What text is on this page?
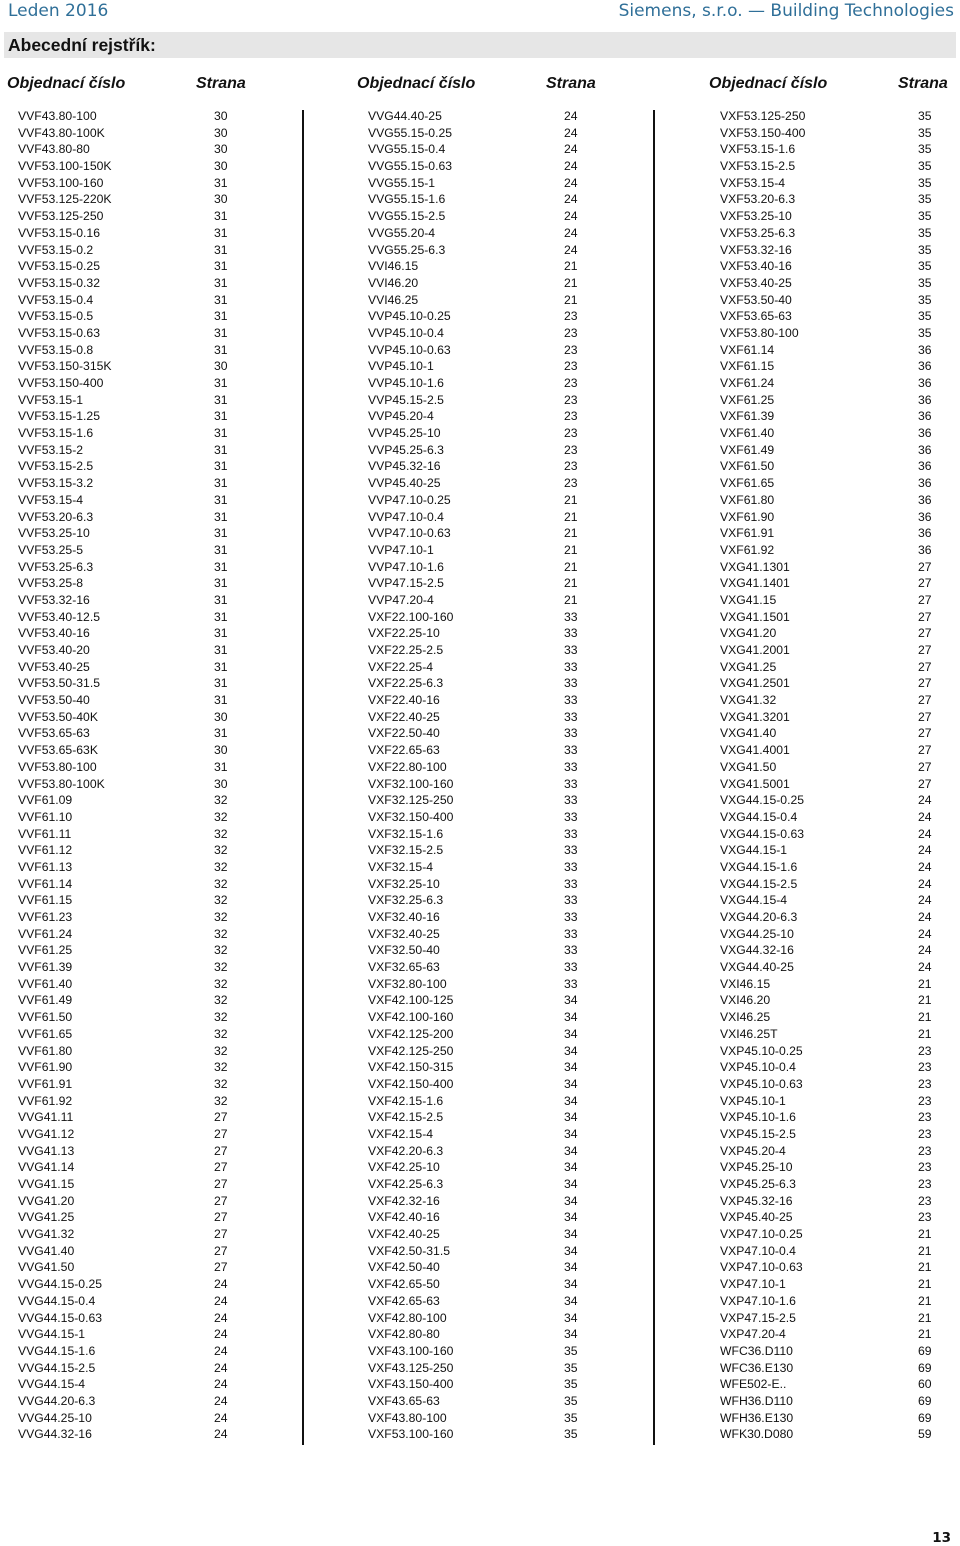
Leden 2016	Siemens, s.r.o. — Building Technologies
Abecední rejstřík:
Objednací číslo	Strana	Objednací číslo	Strana	Objednací číslo	Strana
VVF43.80-100	30
VVF43.80-100K	30
VVF43.80-80	30
VVF53.100-150K	30
VVF53.100-160	31
VVF53.125-220K	30
VVF53.125-250	31
VVF53.15-0.16	31
VVF53.15-0.2	31
VVF53.15-0.25	31
VVF53.15-0.32	31
VVF53.15-0.4	31
VVF53.15-0.5	31
VVF53.15-0.63	31
VVF53.15-0.8	31
VVF53.150-315K	30
VVF53.150-400	31
VVF53.15-1	31
VVF53.15-1.25	31
VVF53.15-1.6	31
VVF53.15-2	31
VVF53.15-2.5	31
VVF53.15-3.2	31
VVF53.15-4	31
VVF53.20-6.3	31
VVF53.25-10	31
VVF53.25-5	31
VVF53.25-6.3	31
VVF53.25-8	31
VVF53.32-16	31
VVF53.40-12.5	31
VVF53.40-16	31
VVF53.40-20	31
VVF53.40-25	31
VVF53.50-31.5	31
VVF53.50-40	31
VVF53.50-40K	30
VVF53.65-63	31
VVF53.65-63K	30
VVF53.80-100	31
VVF53.80-100K	30
VVF61.09	32
VVF61.10	32
VVF61.11	32
VVF61.12	32
VVF61.13	32
VVF61.14	32
VVF61.15	32
VVF61.23	32
VVF61.24	32
VVF61.25	32
VVF61.39	32
VVF61.40	32
VVF61.49	32
VVF61.50	32
VVF61.65	32
VVF61.80	32
VVF61.90	32
VVF61.91	32
VVF61.92	32
VVG41.11	27
VVG41.12	27
VVG41.13	27
VVG41.14	27
VVG41.15	27
VVG41.20	27
VVG41.25	27
VVG41.32	27
VVG41.40	27
VVG41.50	27
VVG44.15-0.25	24
VVG44.15-0.4	24
VVG44.15-0.63	24
VVG44.15-1	24
VVG44.15-1.6	24
VVG44.15-2.5	24
VVG44.15-4	24
VVG44.20-6.3	24
VVG44.25-10	24
VVG44.32-16	24
VVG44.40-25	24
VVG55.15-0.25	24
VVG55.15-0.4	24
VVG55.15-0.63	24
VVG55.15-1	24
VVG55.15-1.6	24
VVG55.15-2.5	24
VVG55.20-4	24
VVG55.25-6.3	24
VVI46.15	21
VVI46.20	21
VVI46.25	21
VVP45.10-0.25	23
VVP45.10-0.4	23
VVP45.10-0.63	23
VVP45.10-1	23
VVP45.10-1.6	23
VVP45.15-2.5	23
VVP45.20-4	23
VVP45.25-10	23
VVP45.25-6.3	23
VVP45.32-16	23
VVP45.40-25	23
VVP47.10-0.25	21
VVP47.10-0.4	21
VVP47.10-0.63	21
VVP47.10-1	21
VVP47.10-1.6	21
VVP47.15-2.5	21
VVP47.20-4	21
VXF22.100-160	33
VXF22.25-10	33
VXF22.25-2.5	33
VXF22.25-4	33
VXF22.25-6.3	33
VXF22.40-16	33
VXF22.40-25	33
VXF22.50-40	33
VXF22.65-63	33
VXF22.80-100	33
VXF32.100-160	33
VXF32.125-250	33
VXF32.150-400	33
VXF32.15-1.6	33
VXF32.15-2.5	33
VXF32.15-4	33
VXF32.25-10	33
VXF32.25-6.3	33
VXF32.40-16	33
VXF32.40-25	33
VXF32.50-40	33
VXF32.65-63	33
VXF32.80-100	33
VXF42.100-125	34
VXF42.100-160	34
VXF42.125-200	34
VXF42.125-250	34
VXF42.150-315	34
VXF42.150-400	34
VXF42.15-1.6	34
VXF42.15-2.5	34
VXF42.15-4	34
VXF42.20-6.3	34
VXF42.25-10	34
VXF42.25-6.3	34
VXF42.32-16	34
VXF42.40-16	34
VXF42.40-25	34
VXF42.50-31.5	34
VXF42.50-40	34
VXF42.65-50	34
VXF42.65-63	34
VXF42.80-100	34
VXF42.80-80	34
VXF43.100-160	35
VXF43.125-250	35
VXF43.150-400	35
VXF43.65-63	35
VXF43.80-100	35
VXF53.100-160	35
VXF53.125-250	35
VXF53.150-400	35
VXF53.15-1.6	35
VXF53.15-2.5	35
VXF53.15-4	35
VXF53.20-6.3	35
VXF53.25-10	35
VXF53.25-6.3	35
VXF53.32-16	35
VXF53.40-16	35
VXF53.40-25	35
VXF53.50-40	35
VXF53.65-63	35
VXF53.80-100	35
VXF61.14	36
VXF61.15	36
VXF61.24	36
VXF61.25	36
VXF61.39	36
VXF61.40	36
VXF61.49	36
VXF61.50	36
VXF61.65	36
VXF61.80	36
VXF61.90	36
VXF61.91	36
VXF61.92	36
VXG41.1301	27
VXG41.1401	27
VXG41.15	27
VXG41.1501	27
VXG41.20	27
VXG41.2001	27
VXG41.25	27
VXG41.2501	27
VXG41.32	27
VXG41.3201	27
VXG41.40	27
VXG41.4001	27
VXG41.50	27
VXG41.5001	27
VXG44.15-0.25	24
VXG44.15-0.4	24
VXG44.15-0.63	24
VXG44.15-1	24
VXG44.15-1.6	24
VXG44.15-2.5	24
VXG44.15-4	24
VXG44.20-6.3	24
VXG44.25-10	24
VXG44.32-16	24
VXG44.40-25	24
VXI46.15	21
VXI46.20	21
VXI46.25	21
VXI46.25T	21
VXP45.10-0.25	23
VXP45.10-0.4	23
VXP45.10-0.63	23
VXP45.10-1	23
VXP45.10-1.6	23
VXP45.15-2.5	23
VXP45.20-4	23
VXP45.25-10	23
VXP45.25-6.3	23
VXP45.32-16	23
VXP45.40-25	23
VXP47.10-0.25	21
VXP47.10-0.4	21
VXP47.10-0.63	21
VXP47.10-1	21
VXP47.10-1.6	21
VXP47.15-2.5	21
VXP47.20-4	21
WFC36.D110	69
WFC36.E130	69
WFE502-E..	60
WFH36.D110	69
WFH36.E130	69
WFK30.D080	59
13
